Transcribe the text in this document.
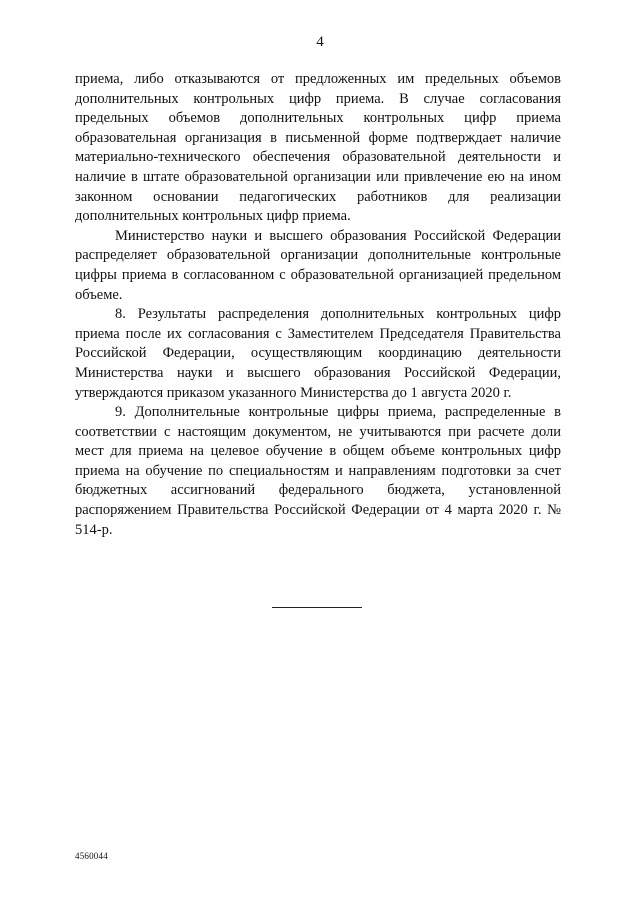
4

приема, либо отказываются от предложенных им предельных объемов дополнительных контрольных цифр приема. В случае согласования предельных объемов дополнительных контрольных цифр приема образовательная организация в письменной форме подтверждает наличие материально-технического обеспечения образовательной деятельности и наличие в штате образовательной организации или привлечение ею на ином законном основании педагогических работников для реализации дополнительных контрольных цифр приема.

Министерство науки и высшего образования Российской Федерации распределяет образовательной организации дополнительные контрольные цифры приема в согласованном с образовательной организацией предельном объеме.

8. Результаты распределения дополнительных контрольных цифр приема после их согласования с Заместителем Председателя Правительства Российской Федерации, осуществляющим координацию деятельности Министерства науки и высшего образования Российской Федерации, утверждаются приказом указанного Министерства до 1 августа 2020 г.

9. Дополнительные контрольные цифры приема, распределенные в соответствии с настоящим документом, не учитываются при расчете доли мест для приема на целевое обучение в общем объеме контрольных цифр приема на обучение по специальностям и направлениям подготовки за счет бюджетных ассигнований федерального бюджета, установленной распоряжением Правительства Российской Федерации от 4 марта 2020 г. № 514-р.

4560044
